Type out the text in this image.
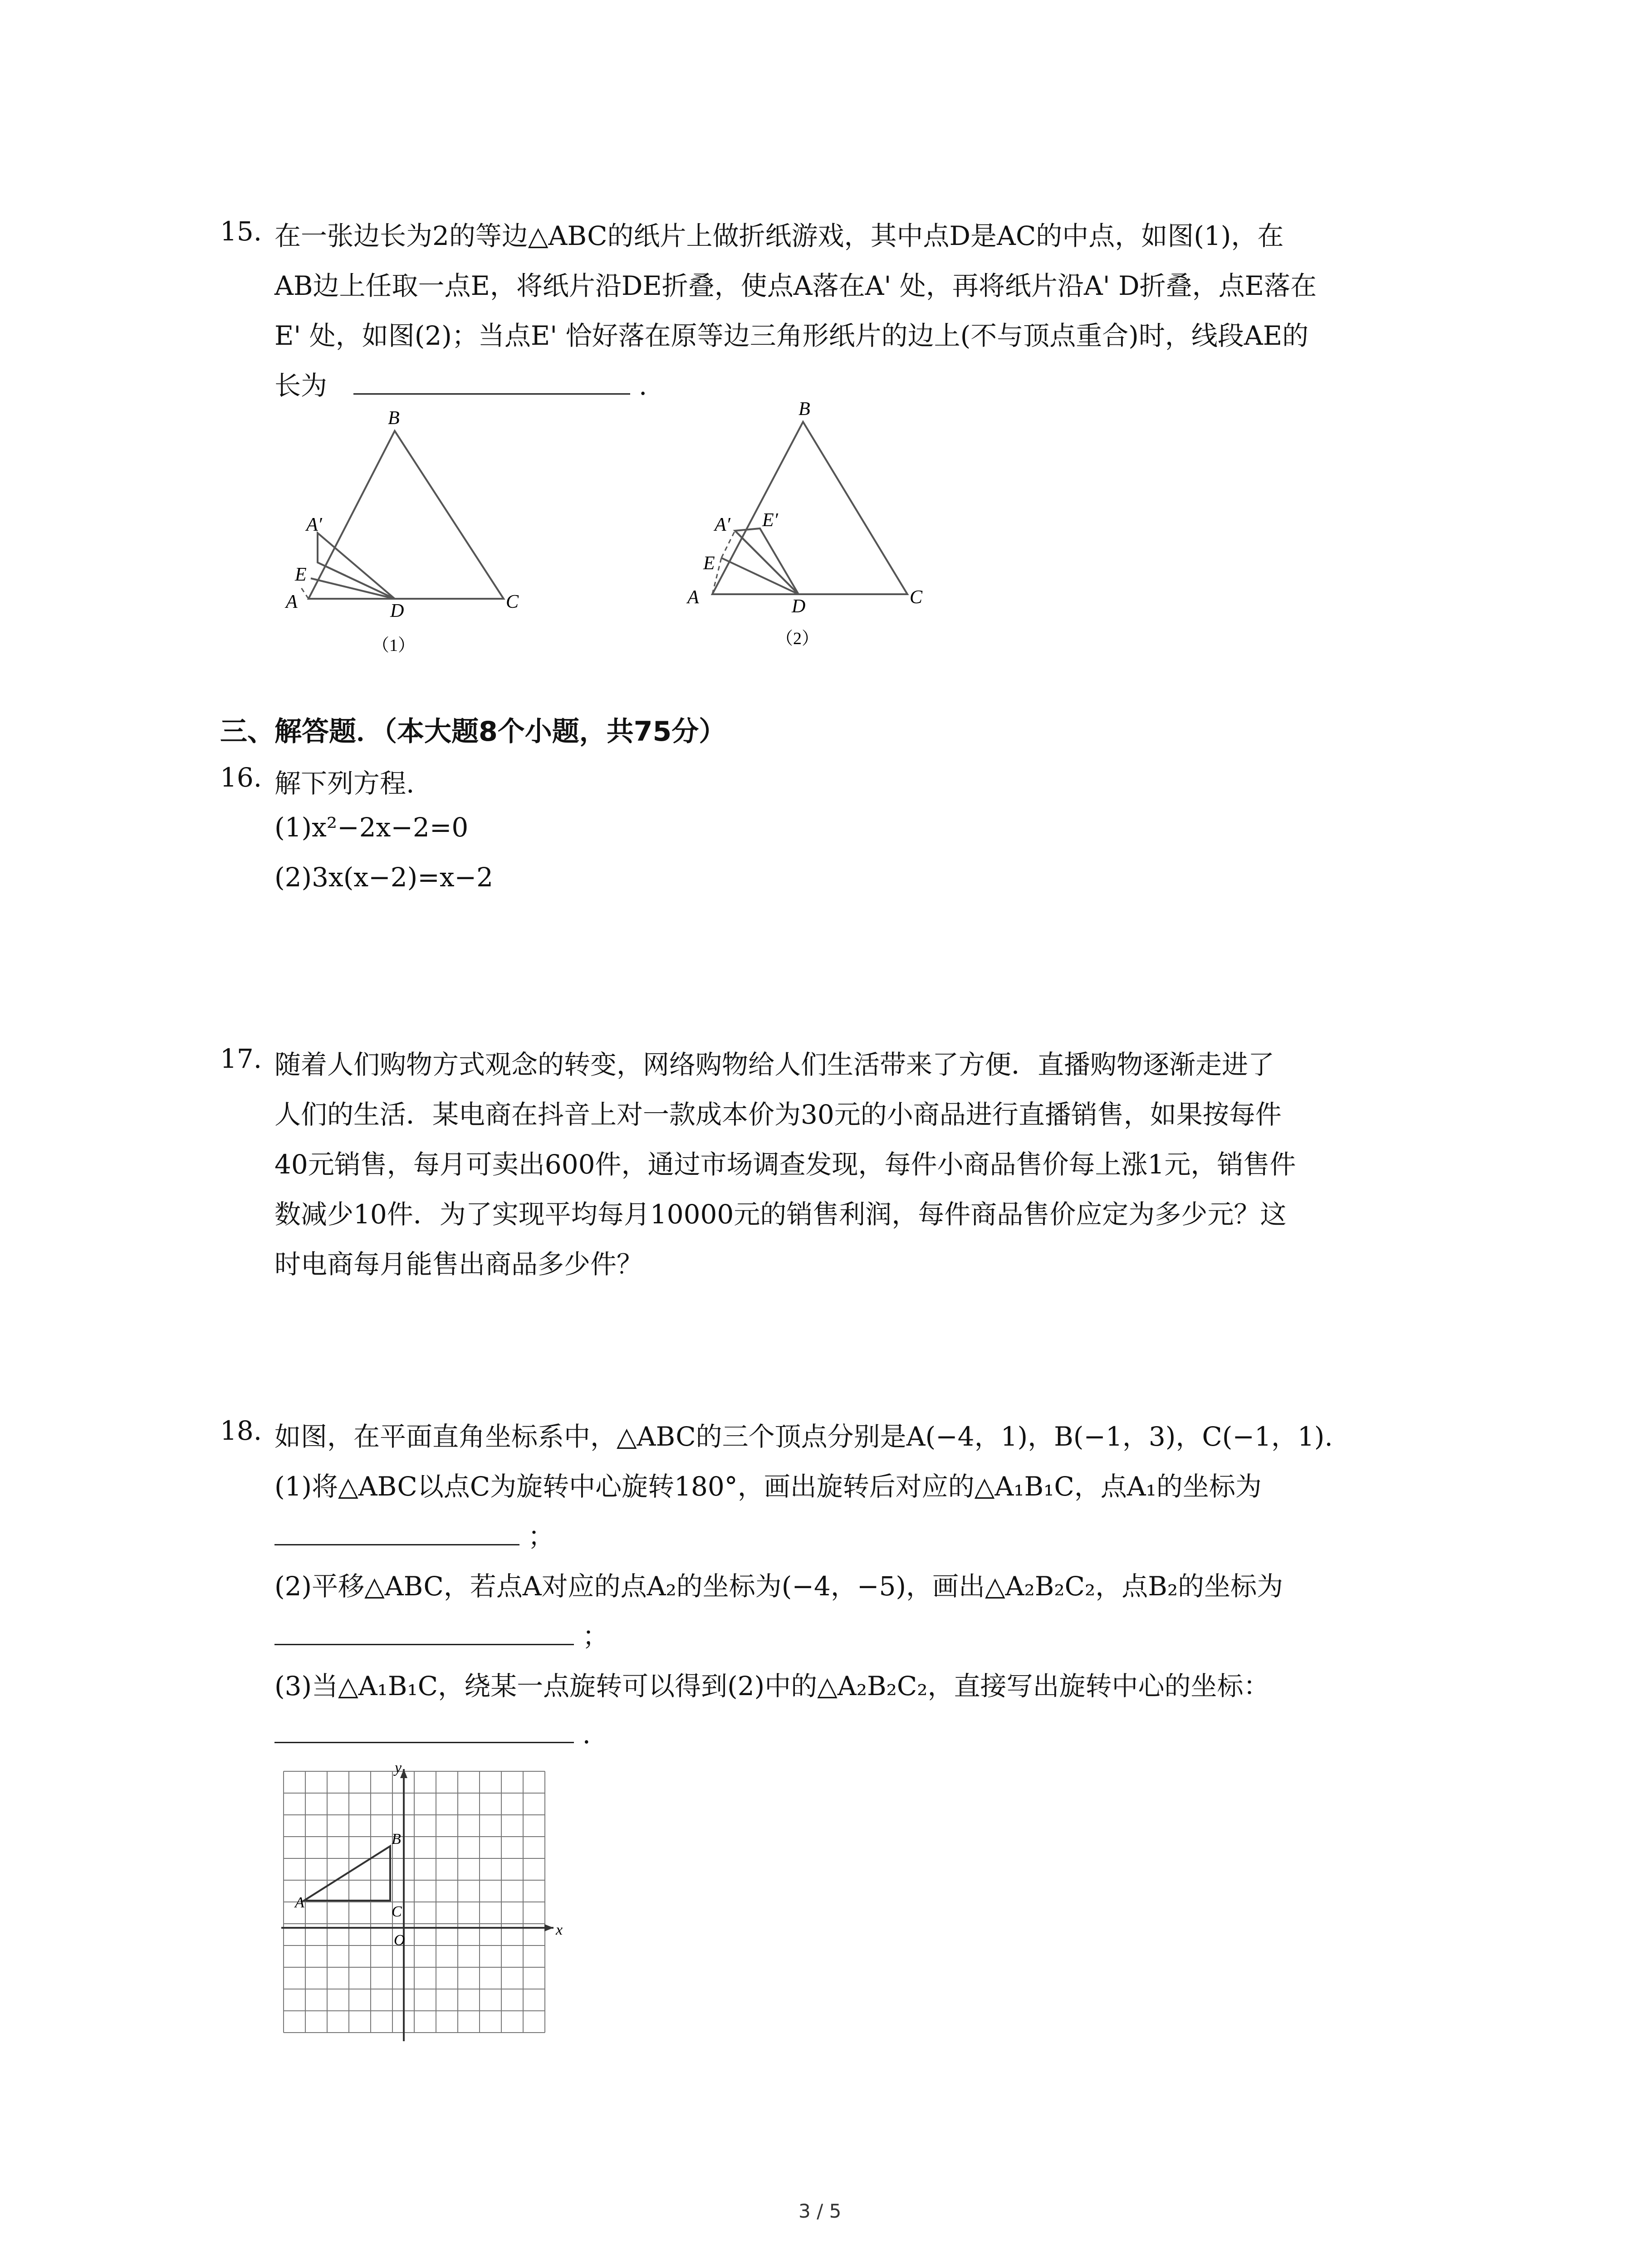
15. 在一张边长为2的等边△ABC的纸片上做折纸游戏，其中点D是AC的中点，如图(1)，在
AB边上任取一点E，将纸片沿DE折叠，使点A落在A' 处，再将纸片沿A' D折叠，点E落在
E' 处，如图(2)；当点E' 恰好落在原等边三角形纸片的边上(不与顶点重合)时，线段AE的
长为	.
B
A′
E
A	D	C
（1）
B
A′ E′
E
A	D	C
（2）
三、解答题．（本大题8个小题，共75分）
16. 解下列方程.
(1)x²−2x−2=0
(2)3x(x−2)=x−2
17. 随着人们购物方式观念的转变，网络购物给人们生活带来了方便．直播购物逐渐走进了
人们的生活．某电商在抖音上对一款成本价为30元的小商品进行直播销售，如果按每件
40元销售，每月可卖出600件，通过市场调查发现，每件小商品售价每上涨1元，销售件
数减少10件．为了实现平均每月10000元的销售利润，每件商品售价应定为多少元？这
时电商每月能售出商品多少件？
18. 如图，在平面直角坐标系中，△ABC的三个顶点分别是A(−4，1)，B(−1，3)，C(−1，1).
(1)将△ABC以点C为旋转中心旋转180°，画出旋转后对应的△A₁B₁C，点A₁的坐标为
；
(2)平移△ABC，若点A对应的点A₂的坐标为(−4，−5)，画出△A₂B₂C₂，点B₂的坐标为
；
(3)当△A₁B₁C，绕某一点旋转可以得到(2)中的△A₂B₂C₂，直接写出旋转中心的坐标：
.
x
y
O
A
B
C
3 / 5
